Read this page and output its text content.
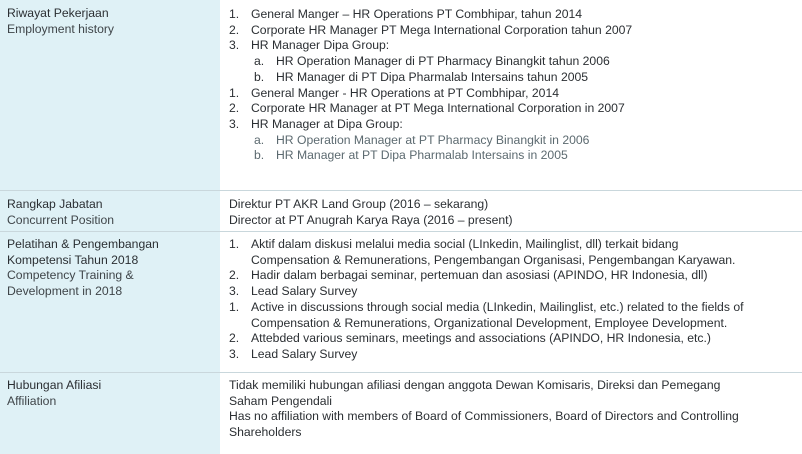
Riwayat Pekerjaan
Employment history
1. General Manger – HR Operations PT Combhipar, tahun 2014
2. Corporate HR Manager PT Mega International Corporation tahun 2007
3. HR Manager Dipa Group:
a. HR Operation Manager di PT Pharmacy Binangkit tahun 2006
b. HR Manager di PT Dipa Pharmalab Intersains tahun 2005
1. General Manger - HR Operations at PT Combhipar, 2014
2. Corporate HR Manager at PT Mega International Corporation in 2007
3. HR Manager at Dipa Group:
a. HR Operation Manager at PT Pharmacy Binangkit in 2006
b. HR Manager at PT Dipa Pharmalab Intersains in 2005
Rangkap Jabatan
Concurrent Position
Direktur PT AKR Land Group (2016 – sekarang)
Director at PT Anugrah Karya Raya (2016 – present)
Pelatihan & Pengembangan
Kompetensi Tahun 2018
Competency Training &
Development in 2018
1. Aktif dalam diskusi melalui media social (LInkedin, Mailinglist, dll) terkait bidang
Compensation & Remunerations, Pengembangan Organisasi, Pengembangan Karyawan.
2. Hadir dalam berbagai seminar, pertemuan dan asosiasi (APINDO, HR Indonesia, dll)
3. Lead Salary Survey
1. Active in discussions through social media (LInkedin, Mailinglist, etc.) related to the fields of
Compensation & Remunerations, Organizational Development, Employee Development.
2. Attebded various seminars, meetings and associations (APINDO, HR Indonesia, etc.)
3. Lead Salary Survey
Hubungan Afiliasi
Affiliation
Tidak memiliki hubungan afiliasi dengan anggota Dewan Komisaris, Direksi dan Pemegang
Saham Pengendali
Has no affiliation with members of Board of Commissioners, Board of Directors and Controlling
Shareholders
